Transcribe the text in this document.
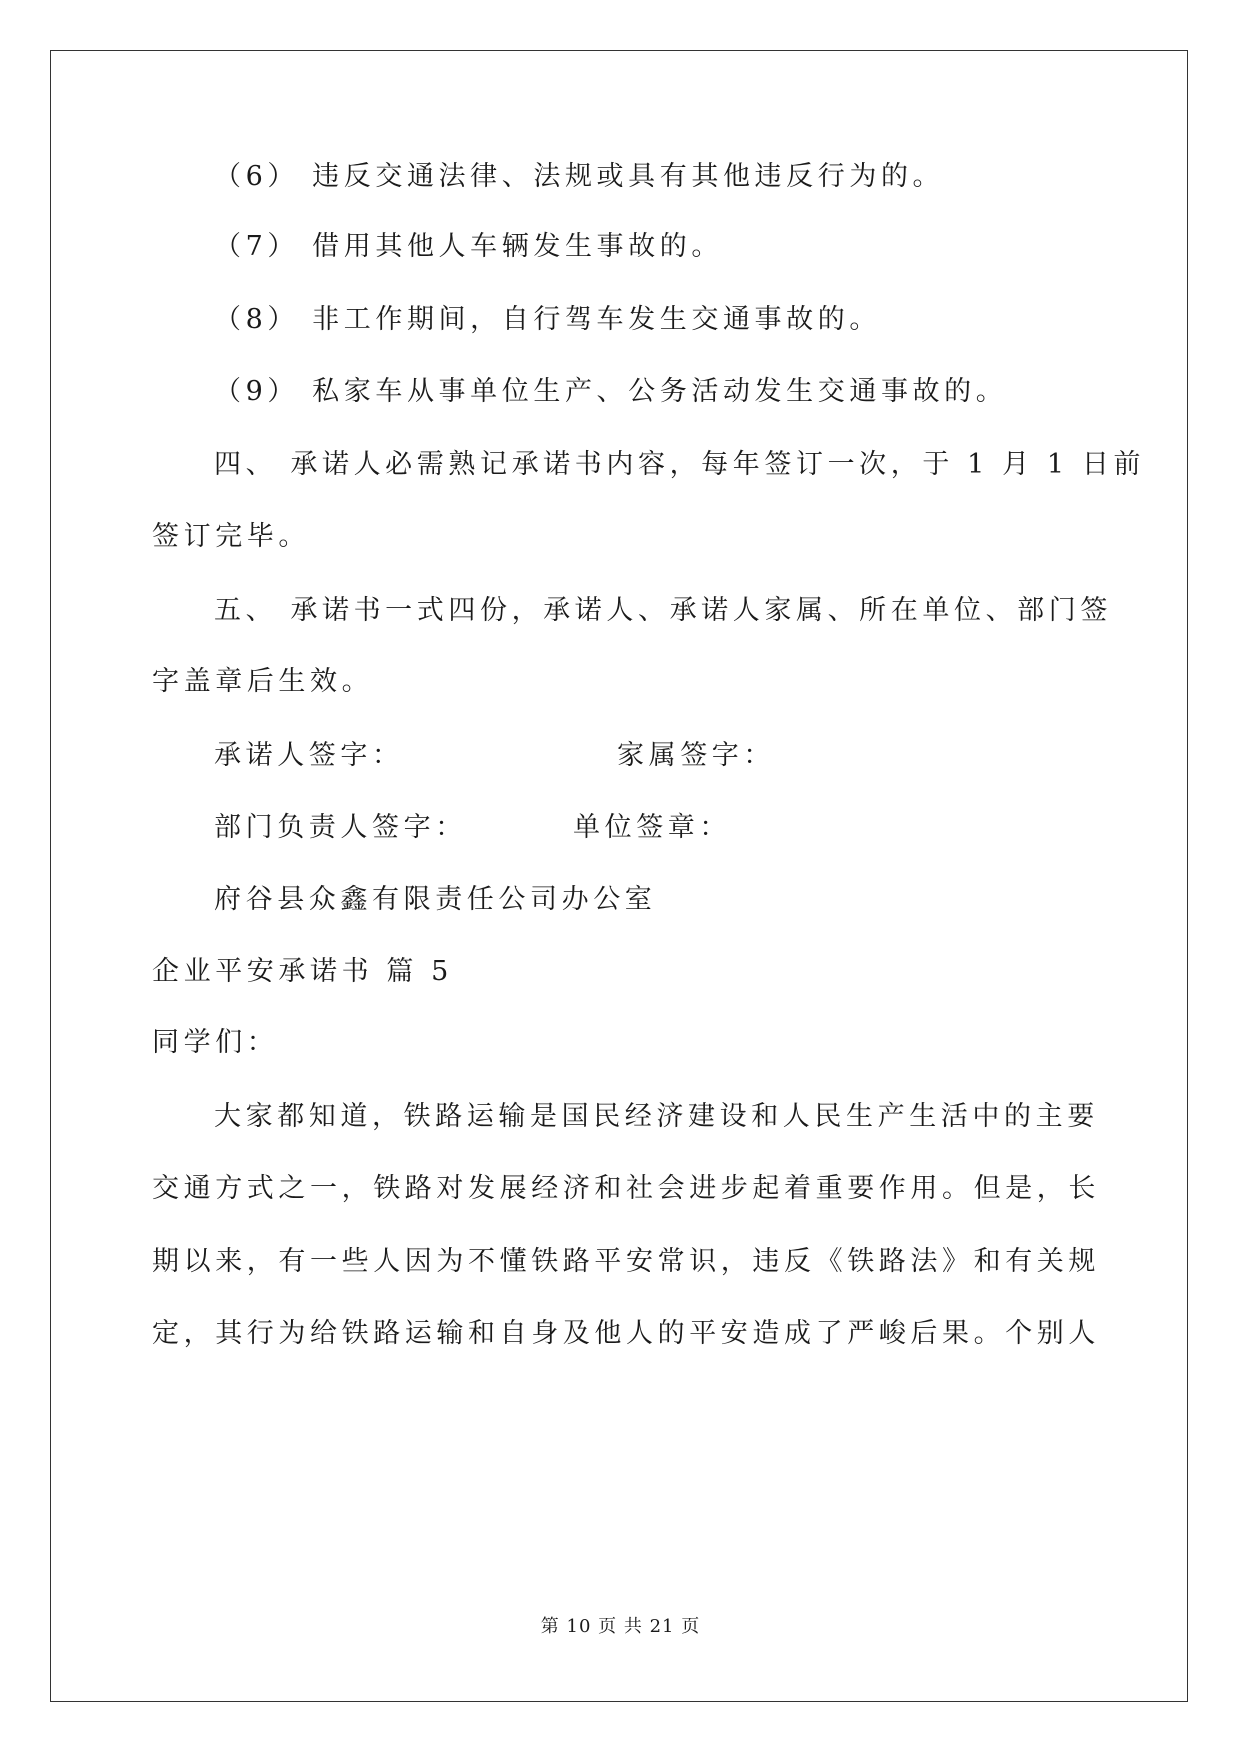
（6） 违反交通法律、法规或具有其他违反行为的。
（7） 借用其他人车辆发生事故的。
（8） 非工作期间，自行驾车发生交通事故的。
（9） 私家车从事单位生产、公务活动发生交通事故的。
四、 承诺人必需熟记承诺书内容，每年签订一次，于 1 月 1 日前
签订完毕。
五、 承诺书一式四份，承诺人、承诺人家属、所在单位、部门签
字盖章后生效。
承诺人签字：	家属签字：
部门负责人签字：	单位签章：
府谷县众鑫有限责任公司办公室
企业平安承诺书 篇 5
同学们：
大家都知道，铁路运输是国民经济建设和人民生产生活中的主要
交通方式之一，铁路对发展经济和社会进步起着重要作用。但是，长
期以来，有一些人因为不懂铁路平安常识，违反《铁路法》和有关规
定，其行为给铁路运输和自身及他人的平安造成了严峻后果。个别人
第 10 页 共 21 页
